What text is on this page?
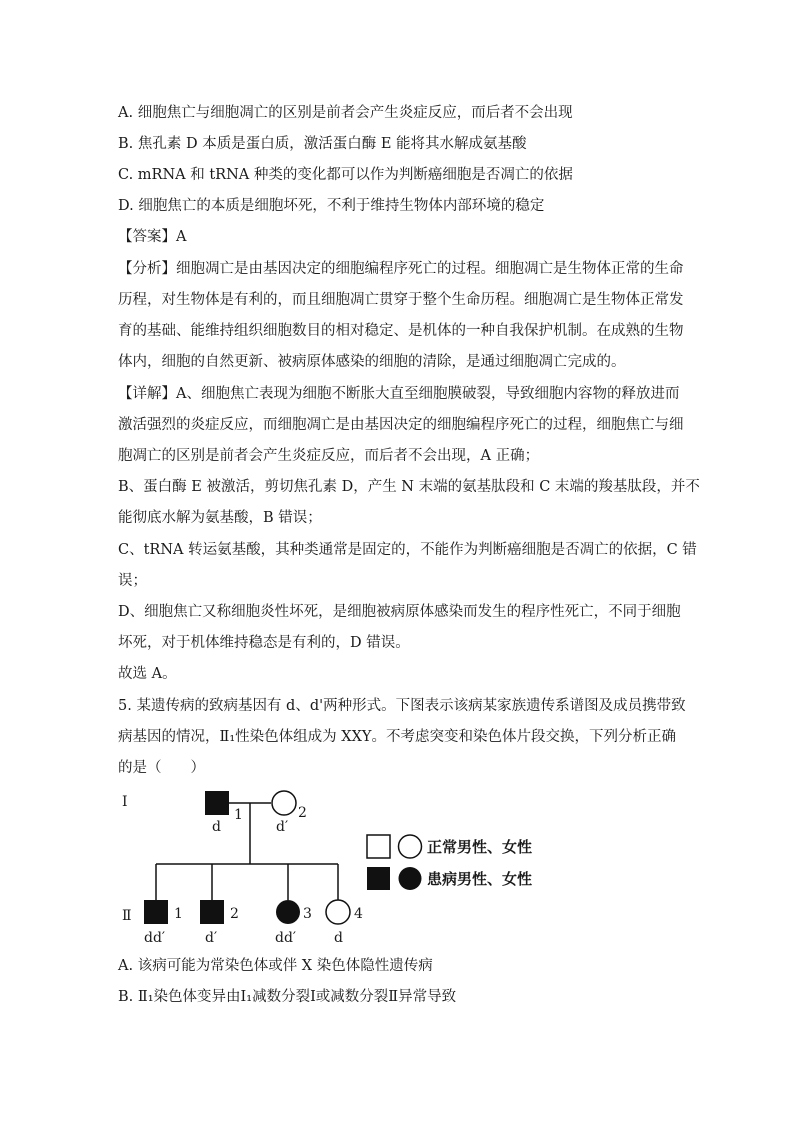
A. 细胞焦亡与细胞凋亡的区别是前者会产生炎症反应，而后者不会出现
B. 焦孔素 D 本质是蛋白质，激活蛋白酶 E 能将其水解成氨基酸
C. mRNA 和 tRNA 种类的变化都可以作为判断癌细胞是否凋亡的依据
D. 细胞焦亡的本质是细胞坏死，不利于维持生物体内部环境的稳定
【答案】A
【分析】细胞凋亡是由基因决定的细胞编程序死亡的过程。细胞凋亡是生物体正常的生命
历程，对生物体是有利的，而且细胞凋亡贯穿于整个生命历程。细胞凋亡是生物体正常发
育的基础、能维持组织细胞数目的相对稳定、是机体的一种自我保护机制。在成熟的生物
体内，细胞的自然更新、被病原体感染的细胞的清除，是通过细胞凋亡完成的。
【详解】A、细胞焦亡表现为细胞不断胀大直至细胞膜破裂，导致细胞内容物的释放进而
激活强烈的炎症反应，而细胞凋亡是由基因决定的细胞编程序死亡的过程，细胞焦亡与细
胞凋亡的区别是前者会产生炎症反应，而后者不会出现，A 正确；
B、蛋白酶 E 被激活，剪切焦孔素 D，产生 N 末端的氨基肽段和 C 末端的羧基肽段，并不
能彻底水解为氨基酸，B 错误；
C、tRNA 转运氨基酸，其种类通常是固定的，不能作为判断癌细胞是否凋亡的依据，C 错
误；
D、细胞焦亡又称细胞炎性坏死，是细胞被病原体感染而发生的程序性死亡，不同于细胞
坏死，对于机体维持稳态是有利的，D 错误。
故选 A。
5. 某遗传病的致病基因有 d、d'两种形式。下图表示该病某家族遗传系谱图及成员携带致
病基因的情况，Ⅱ₁性染色体组成为 XXY。不考虑突变和染色体片段交换，下列分析正确
的是（　　）
I
Ⅱ
1
d
2
d′
1
dd′
2
d′
3
dd′
4
d
正常男性、女性
患病男性、女性
A. 该病可能为常染色体或伴 X 染色体隐性遗传病
B. Ⅱ₁染色体变异由Ⅰ₁减数分裂Ⅰ或减数分裂Ⅱ异常导致
